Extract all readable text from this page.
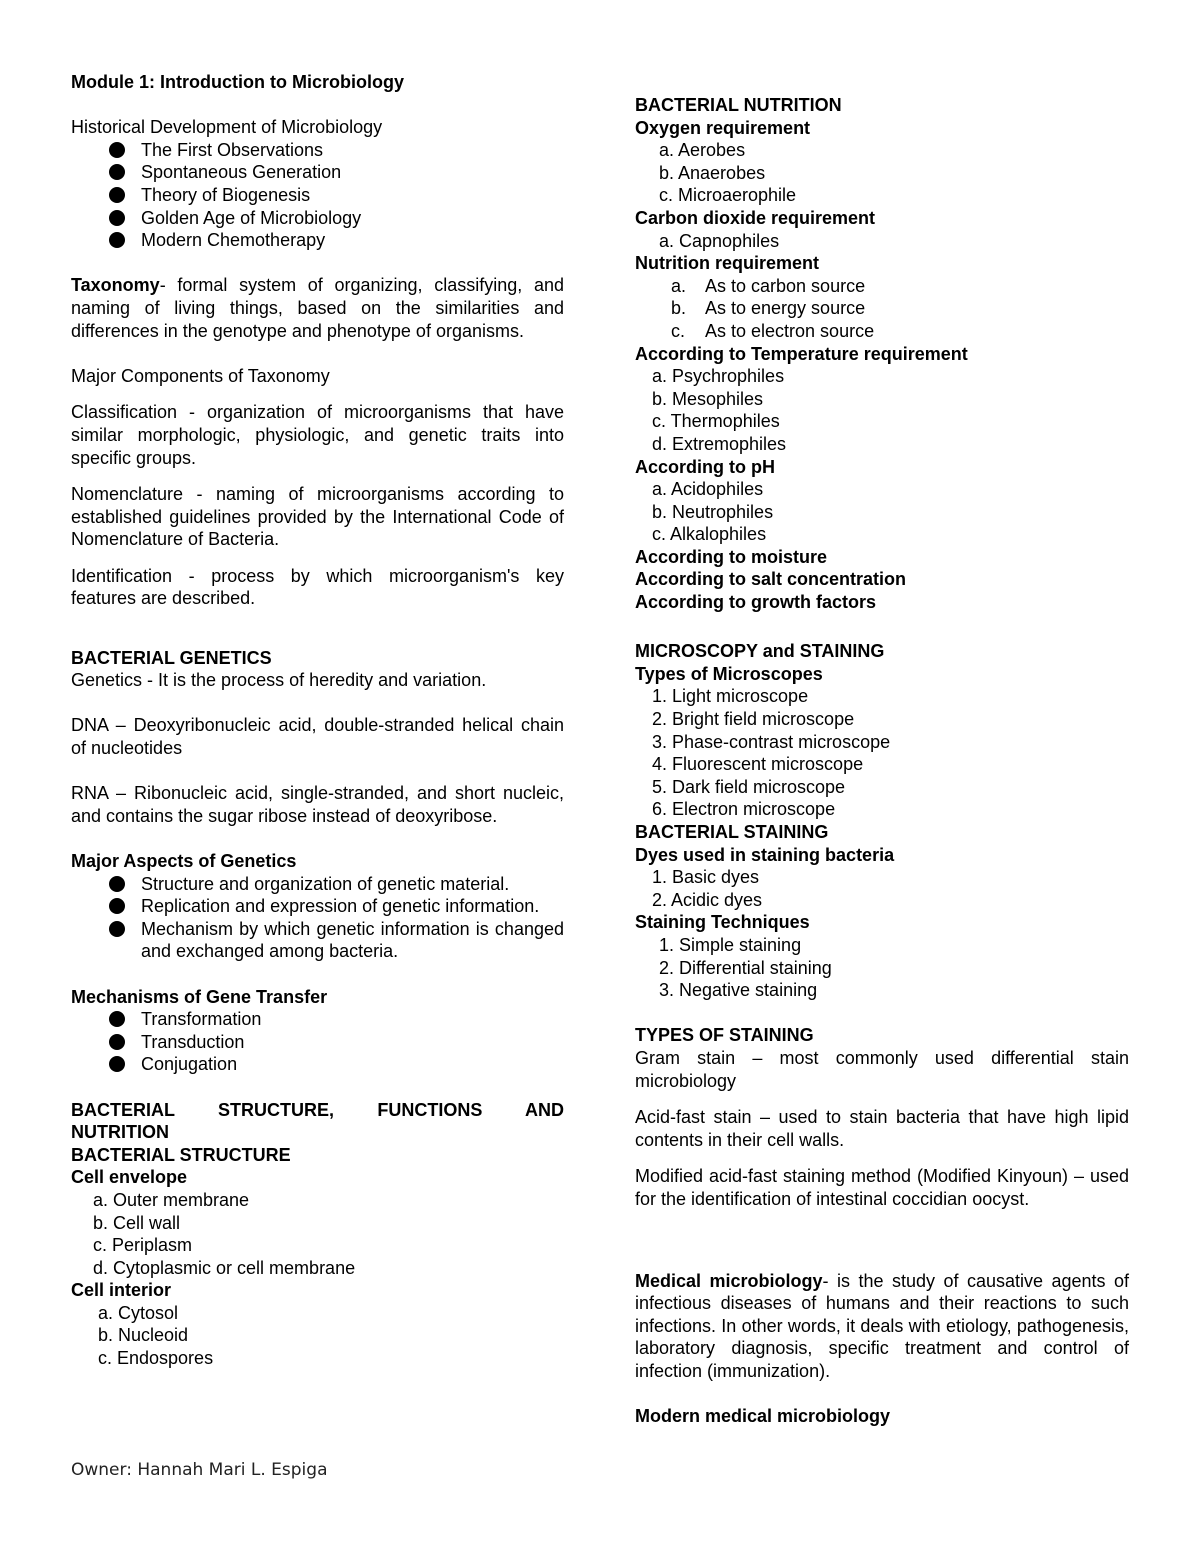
Module 1: Introduction to Microbiology
Historical Development of Microbiology
The First Observations
Spontaneous Generation
Theory of Biogenesis
Golden Age of Microbiology
Modern Chemotherapy
Taxonomy- formal system of organizing, classifying, and
naming of living things, based on the similarities and
differences in the genotype and phenotype of organisms.
Major Components of Taxonomy
Classification - organization of microorganisms that have similar morphologic, physiologic, and genetic traits into specific groups.
Nomenclature - naming of microorganisms according to established guidelines provided by the International Code of Nomenclature of Bacteria.
Identification - process by which microorganism's key features are described.
BACTERIAL GENETICS
Genetics - It is the process of heredity and variation.
DNA – Deoxyribonucleic acid, double-stranded helical chain of nucleotides
RNA – Ribonucleic acid, single-stranded, and short nucleic, and contains the sugar ribose instead of deoxyribose.
Major Aspects of Genetics
Structure and organization of genetic material.
Replication and expression of genetic information.
Mechanism by which genetic information is changed and exchanged among bacteria.
Mechanisms of Gene Transfer
Transformation
Transduction
Conjugation
BACTERIAL STRUCTURE, FUNCTIONS AND
NUTRITION
BACTERIAL STRUCTURE
Cell envelope
a. Outer membrane
b. Cell wall
c. Periplasm
d. Cytoplasmic or cell membrane
Cell interior
a. Cytosol
b. Nucleoid
c. Endospores
BACTERIAL NUTRITION
Oxygen requirement
a. Aerobes
b. Anaerobes
c. Microaerophile
Carbon dioxide requirement
a. Capnophiles
Nutrition requirement
a. As to carbon source
b. As to energy source
c. As to electron source
According to Temperature requirement
a. Psychrophiles
b. Mesophiles
c. Thermophiles
d. Extremophiles
According to pH
a. Acidophiles
b. Neutrophiles
c. Alkalophiles
According to moisture
According to salt concentration
According to growth factors
MICROSCOPY and STAINING
Types of Microscopes
1. Light microscope
2. Bright field microscope
3. Phase-contrast microscope
4. Fluorescent microscope
5. Dark field microscope
6. Electron microscope
BACTERIAL STAINING
Dyes used in staining bacteria
1. Basic dyes
2. Acidic dyes
Staining Techniques
1. Simple staining
2. Differential staining
3. Negative staining
TYPES OF STAINING
Gram stain – most commonly used differential stain microbiology
Acid-fast stain – used to stain bacteria that have high lipid contents in their cell walls.
Modified acid-fast staining method (Modified Kinyoun) – used for the identification of intestinal coccidian oocyst.
Medical microbiology- is the study of causative agents of infectious diseases of humans and their reactions to such infections. In other words, it deals with etiology, pathogenesis, laboratory diagnosis, specific treatment and control of infection (immunization).
Modern medical microbiology
Owner: Hannah Mari L. Espiga
